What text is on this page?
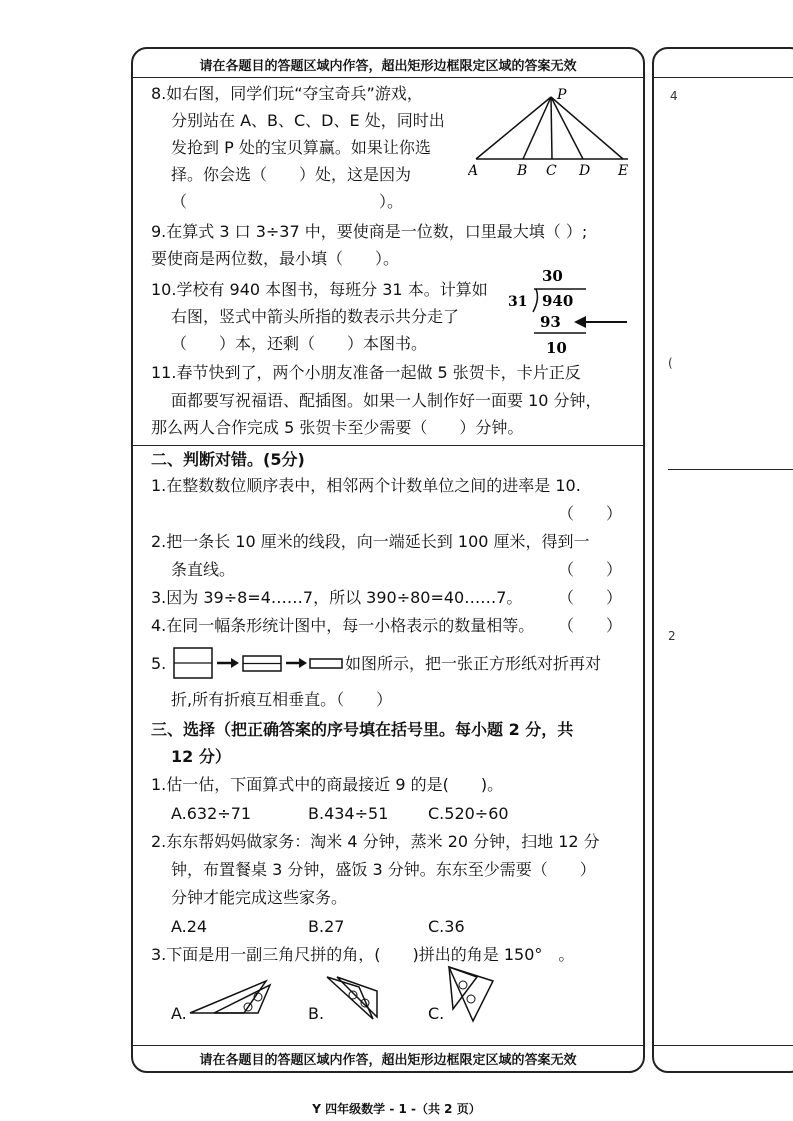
请在各题目的答题区域内作答，超出矩形边框限定区域的答案无效
8.如右图，同学们玩“夺宝奇兵”游戏，
分别站在 A、B、C、D、E 处，同时出
发抢到 P 处的宝贝算赢。如果让你选
择。你会选（　　）处，这是因为
（　　　　　　　　　　　　）。
P
A	B C D E
9.在算式 3 口 3÷37 中，要使商是一位数，口里最大填（ ）;
要使商是两位数，最小填（　　）。
10.学校有 940 本图书，每班分 31 本。计算如
右图，竖式中箭头所指的数表示共分走了
（　　）本，还剩（　　）本图书。
30
31 940
93
10
11.春节快到了，两个小朋友准备一起做 5 张贺卡，卡片正反
面都要写祝福语、配插图。如果一人制作好一面要 10 分钟，
那么两人合作完成 5 张贺卡至少需要（　　）分钟。
二、判断对错。(5分)
1.在整数数位顺序表中，相邻两个计数单位之间的进率是 10.
（　　）
2.把一条长 10 厘米的线段，向一端延长到 100 厘米，得到一
条直线。	（　　）
3.因为 39÷8=4……7，所以 390÷80=40……7。 （　　）
4.在同一幅条形统计图中，每一小格表示的数量相等。 （　　）
5.	如图所示，把一张正方形纸对折再对
折,所有折痕互相垂直。（　　）
三、选择（把正确答案的序号填在括号里。每小题 2 分，共
12 分）
1.估一估，下面算式中的商最接近 9 的是(　　)。
A.632÷71	B.434÷51 C.520÷60
2.东东帮妈妈做家务：淘米 4 分钟，蒸米 20 分钟，扫地 12 分
钟，布置餐桌 3 分钟，盛饭 3 分钟。东东至少需要（　　）
分钟才能完成这些家务。
A.24	B.27	C.36
3.下面是用一副三角尺拼的角，(　　)拼出的角是 150°　。
A.	B.	C.
请在各题目的答题区域内作答，超出矩形边框限定区域的答案无效
4
(
2
Y 四年级数学 - 1 -（共 2 页）
